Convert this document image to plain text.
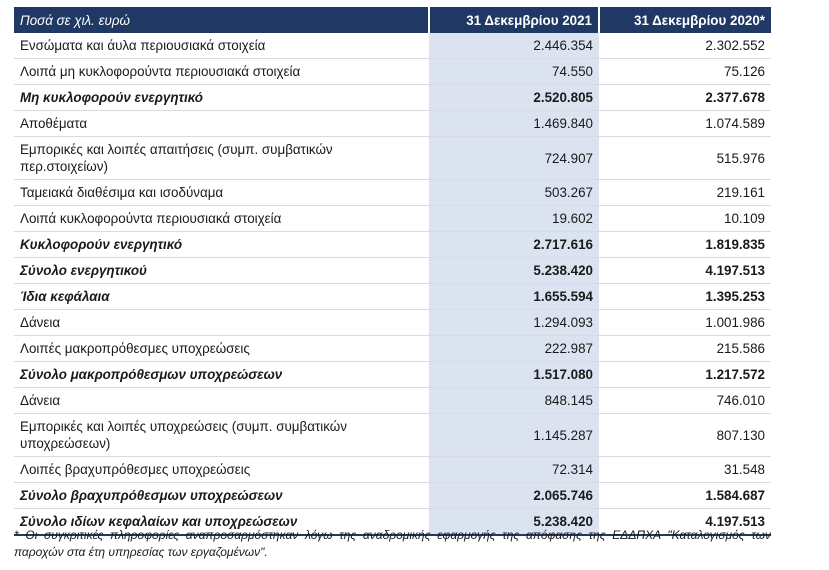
Ποσά σε χιλ. ευρώ	31 Δεκεμβρίου 2021	31 Δεκεμβρίου 2020*
Ενσώματα και άυλα περιουσιακά στοιχεία	2.446.354	2.302.552
Λοιπά μη κυκλοφορούντα περιουσιακά στοιχεία	74.550	75.126
Μη κυκλοφορούν ενεργητικό	2.520.805	2.377.678
Αποθέματα	1.469.840	1.074.589
Εμπορικές και λοιπές απαιτήσεις (συμπ. συμβατικών περ.στοιχείων)	724.907	515.976
Ταμειακά διαθέσιμα και ισοδύναμα	503.267	219.161
Λοιπά κυκλοφορούντα περιουσιακά στοιχεία	19.602	10.109
Κυκλοφορούν ενεργητικό	2.717.616	1.819.835
Σύνολο ενεργητικού	5.238.420	4.197.513
Ίδια κεφάλαια	1.655.594	1.395.253
Δάνεια	1.294.093	1.001.986
Λοιπές μακροπρόθεσμες υποχρεώσεις	222.987	215.586
Σύνολο μακροπρόθεσμων υποχρεώσεων	1.517.080	1.217.572
Δάνεια	848.145	746.010
Εμπορικές και λοιπές υποχρεώσεις (συμπ. συμβατικών υποχρεώσεων)	1.145.287	807.130
Λοιπές βραχυπρόθεσμες υποχρεώσεις	72.314	31.548
Σύνολο βραχυπρόθεσμων υποχρεώσεων	2.065.746	1.584.687
Σύνολο ιδίων κεφαλαίων και υποχρεώσεων	5.238.420	4.197.513
* Οι συγκριτικές πληροφορίες αναπροσαρμόστηκαν λόγω της αναδρομικής εφαρμογής της απόφασης της ΕΔΔΠΧΑ "Καταλογισμός των παροχών στα έτη υπηρεσίας των εργαζομένων".
